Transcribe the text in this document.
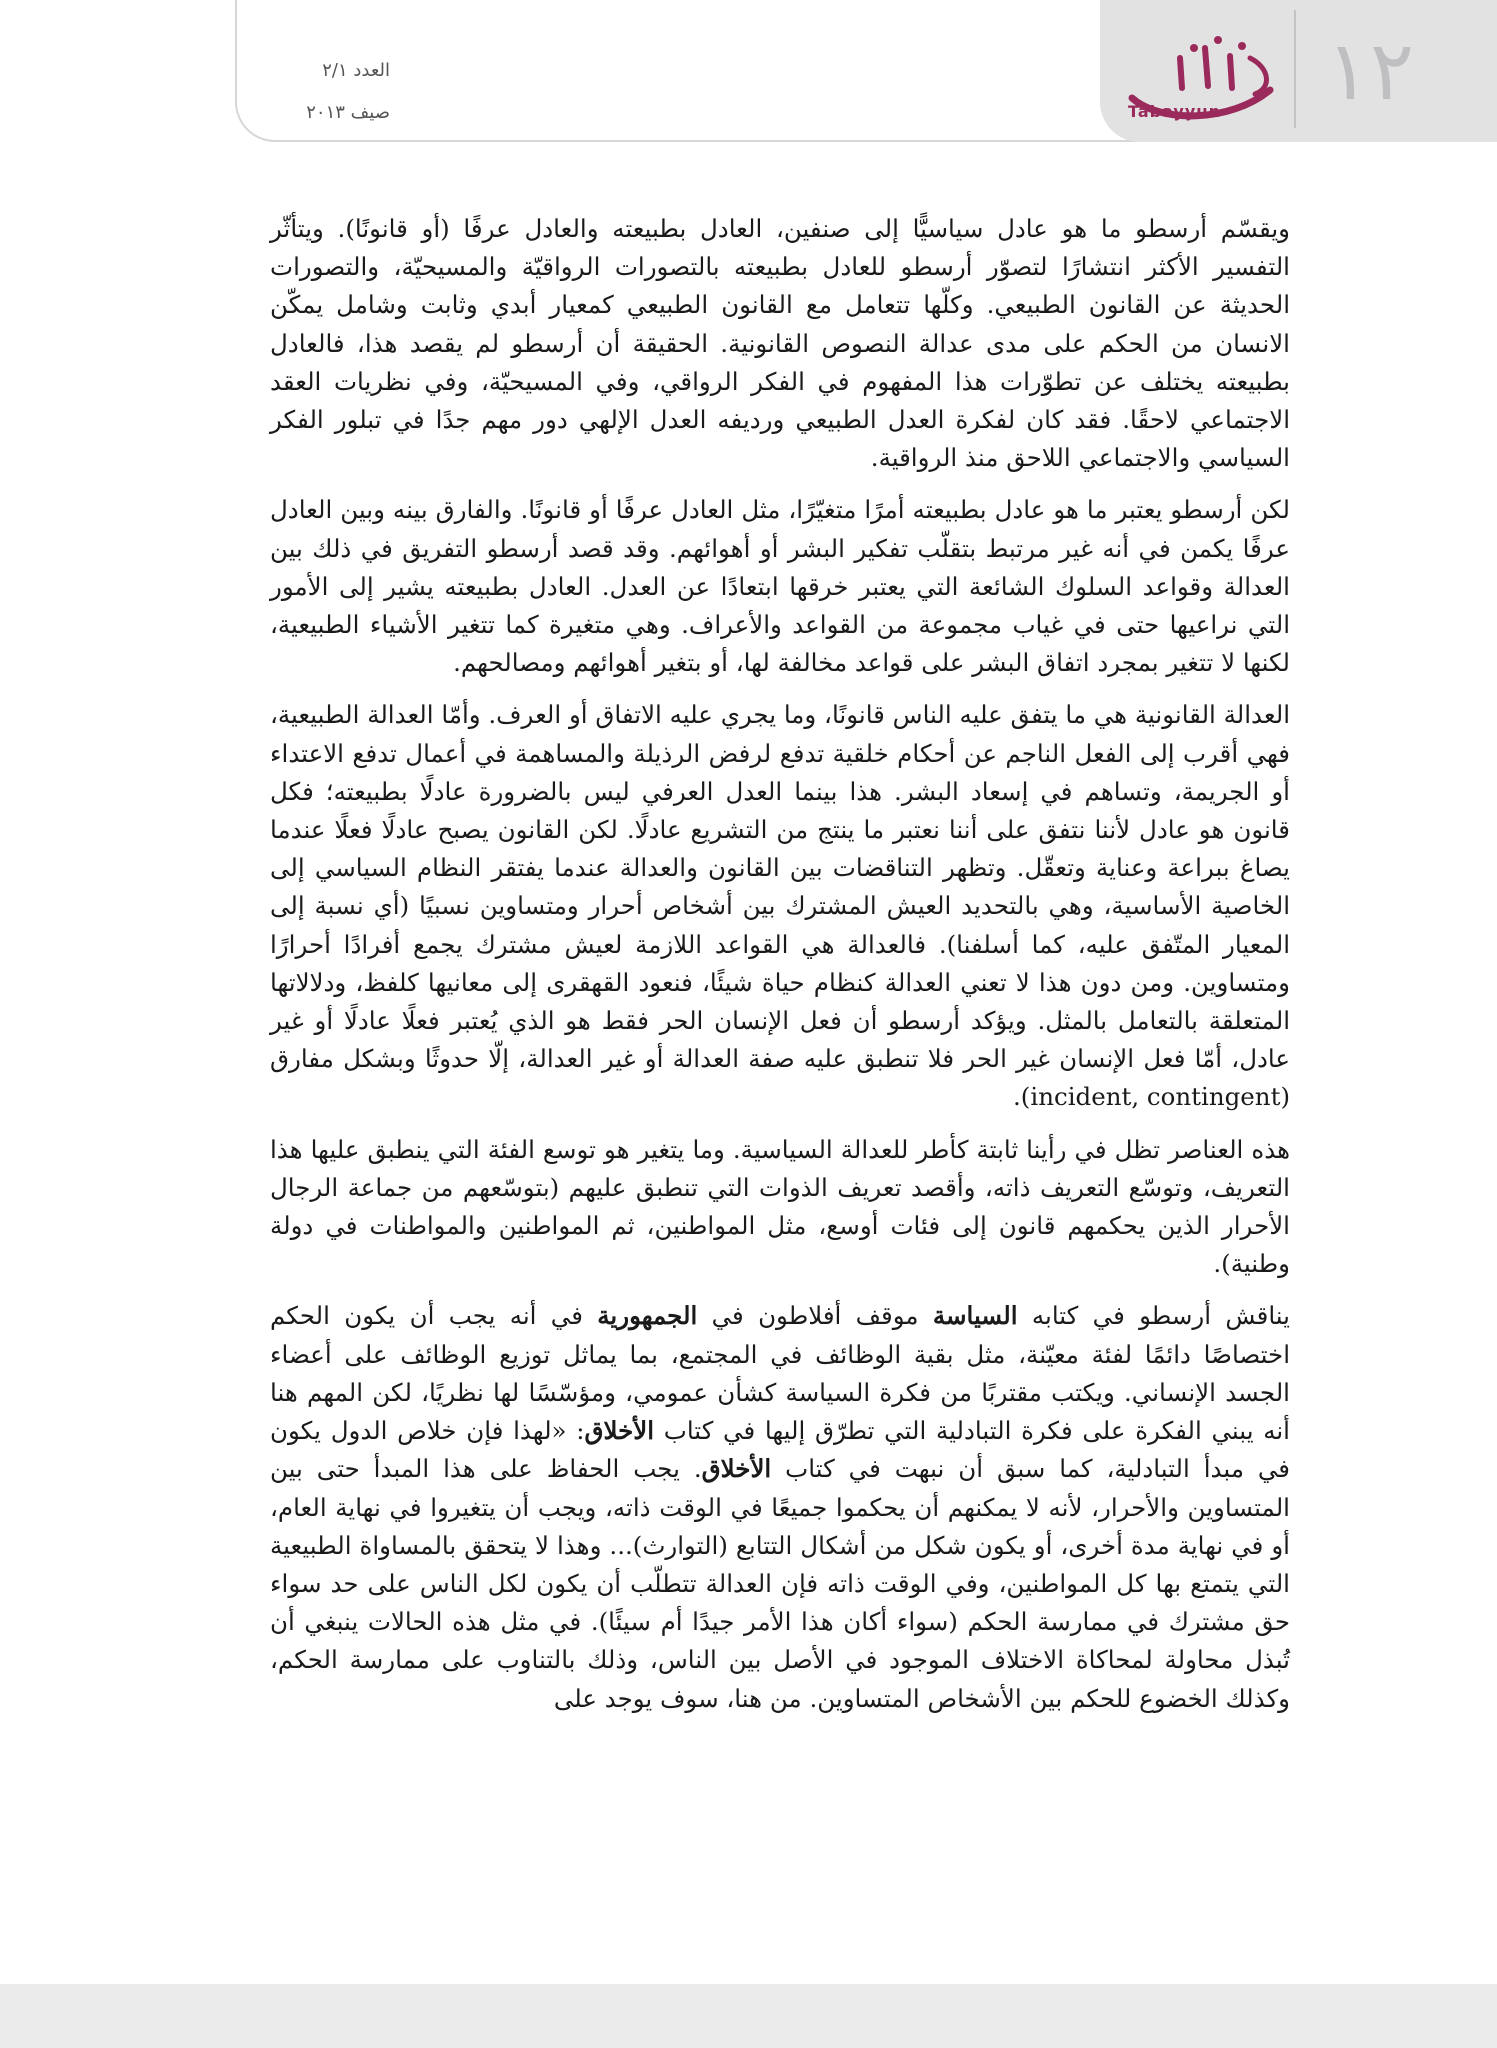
العدد ٢/١
صيف ٢٠١٣	Tabayyun ١٢

ويقسّم أرسطو ما هو عادل سياسيًّا إلى صنفين، العادل بطبيعته والعادل عرفًا (أو قانونًا). ويتأثّر التفسير الأكثر انتشارًا لتصوّر أرسطو للعادل بطبيعته بالتصورات الرواقيّة والمسيحيّة، والتصورات الحديثة عن القانون الطبيعي. وكلّها تتعامل مع القانون الطبيعي كمعيار أبدي وثابت وشامل يمكّن الانسان من الحكم على مدى عدالة النصوص القانونية. الحقيقة أن أرسطو لم يقصد هذا، فالعادل بطبيعته يختلف عن تطوّرات هذا المفهوم في الفكر الرواقي، وفي المسيحيّة، وفي نظريات العقد الاجتماعي لاحقًا. فقد كان لفكرة العدل الطبيعي ورديفه العدل الإلهي دور مهم جدًا في تبلور الفكر السياسي والاجتماعي اللاحق منذ الرواقية.

لكن أرسطو يعتبر ما هو عادل بطبيعته أمرًا متغيّرًا، مثل العادل عرفًا أو قانونًا. والفارق بينه وبين العادل عرفًا يكمن في أنه غير مرتبط بتقلّب تفكير البشر أو أهوائهم. وقد قصد أرسطو التفريق في ذلك بين العدالة وقواعد السلوك الشائعة التي يعتبر خرقها ابتعادًا عن العدل. العادل بطبيعته يشير إلى الأمور التي نراعيها حتى في غياب مجموعة من القواعد والأعراف. وهي متغيرة كما تتغير الأشياء الطبيعية، لكنها لا تتغير بمجرد اتفاق البشر على قواعد مخالفة لها، أو بتغير أهوائهم ومصالحهم.

العدالة القانونية هي ما يتفق عليه الناس قانونًا، وما يجري عليه الاتفاق أو العرف. وأمّا العدالة الطبيعية، فهي أقرب إلى الفعل الناجم عن أحكام خلقية تدفع لرفض الرذيلة والمساهمة في أعمال تدفع الاعتداء أو الجريمة، وتساهم في إسعاد البشر. هذا بينما العدل العرفي ليس بالضرورة عادلًا بطبيعته؛ فكل قانون هو عادل لأننا نتفق على أننا نعتبر ما ينتج من التشريع عادلًا. لكن القانون يصبح عادلًا فعلًا عندما يصاغ ببراعة وعناية وتعقّل. وتظهر التناقضات بين القانون والعدالة عندما يفتقر النظام السياسي إلى الخاصية الأساسية، وهي بالتحديد العيش المشترك بين أشخاص أحرار ومتساوين نسبيًا (أي نسبة إلى المعيار المتّفق عليه، كما أسلفنا). فالعدالة هي القواعد اللازمة لعيش مشترك يجمع أفرادًا أحرارًا ومتساوين. ومن دون هذا لا تعني العدالة كنظام حياة شيئًا، فنعود القهقرى إلى معانيها كلفظ، ودلالاتها المتعلقة بالتعامل بالمثل. ويؤكد أرسطو أن فعل الإنسان الحر فقط هو الذي يُعتبر فعلًا عادلًا أو غير عادل، أمّا فعل الإنسان غير الحر فلا تنطبق عليه صفة العدالة أو غير العدالة، إلّا حدوثًا وبشكل مفارق (incident, contingent).

هذه العناصر تظل في رأينا ثابتة كأطر للعدالة السياسية. وما يتغير هو توسع الفئة التي ينطبق عليها هذا التعريف، وتوسّع التعريف ذاته، وأقصد تعريف الذوات التي تنطبق عليهم (بتوسّعهم من جماعة الرجال الأحرار الذين يحكمهم قانون إلى فئات أوسع، مثل المواطنين، ثم المواطنين والمواطنات في دولة وطنية).

يناقش أرسطو في كتابه السياسة موقف أفلاطون في الجمهورية في أنه يجب أن يكون الحكم اختصاصًا دائمًا لفئة معيّنة، مثل بقية الوظائف في المجتمع، بما يماثل توزيع الوظائف على أعضاء الجسد الإنساني. ويكتب مقتربًا من فكرة السياسة كشأن عمومي، ومؤسّسًا لها نظريًا، لكن المهم هنا أنه يبني الفكرة على فكرة التبادلية التي تطرّق إليها في كتاب الأخلاق: «لهذا فإن خلاص الدول يكون في مبدأ التبادلية، كما سبق أن نبهت في كتاب الأخلاق. يجب الحفاظ على هذا المبدأ حتى بين المتساوين والأحرار، لأنه لا يمكنهم أن يحكموا جميعًا في الوقت ذاته، ويجب أن يتغيروا في نهاية العام، أو في نهاية مدة أخرى، أو يكون شكل من أشكال التتابع (التوارث)... وهذا لا يتحقق بالمساواة الطبيعية التي يتمتع بها كل المواطنين، وفي الوقت ذاته فإن العدالة تتطلّب أن يكون لكل الناس على حد سواء حق مشترك في ممارسة الحكم (سواء أكان هذا الأمر جيدًا أم سيئًا). في مثل هذه الحالات ينبغي أن تُبذل محاولة لمحاكاة الاختلاف الموجود في الأصل بين الناس، وذلك بالتناوب على ممارسة الحكم، وكذلك الخضوع للحكم بين الأشخاص المتساوين. من هنا، سوف يوجد على
